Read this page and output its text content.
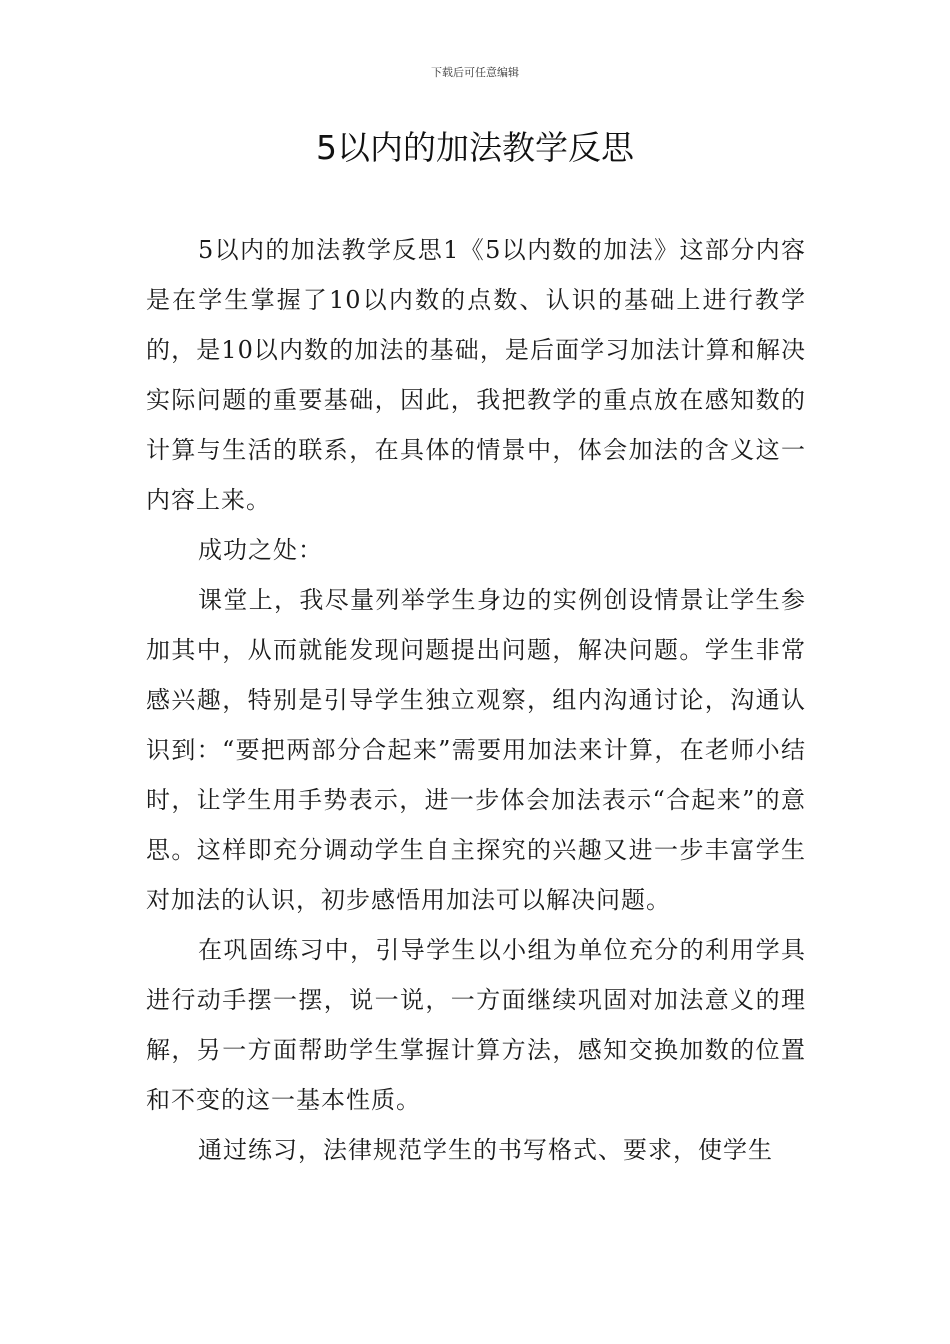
下载后可任意编辑
5以内的加法教学反思

5以内的加法教学反思1《5以内数的加法》这部分内容是在学生掌握了10以内数的点数、认识的基础上进行教学的，是10以内数的加法的基础，是后面学习加法计算和解决实际问题的重要基础，因此，我把教学的重点放在感知数的计算与生活的联系，在具体的情景中，体会加法的含义这一内容上来。

成功之处：

课堂上，我尽量列举学生身边的实例创设情景让学生参加其中，从而就能发现问题提出问题，解决问题。学生非常感兴趣，特别是引导学生独立观察，组内沟通讨论，沟通认识到：“要把两部分合起来”需要用加法来计算，在老师小结时，让学生用手势表示，进一步体会加法表示“合起来”的意思。这样即充分调动学生自主探究的兴趣又进一步丰富学生对加法的认识，初步感悟用加法可以解决问题。

在巩固练习中，引导学生以小组为单位充分的利用学具进行动手摆一摆，说一说，一方面继续巩固对加法意义的理解，另一方面帮助学生掌握计算方法，感知交换加数的位置和不变的这一基本性质。

通过练习，法律规范学生的书写格式、要求，使学生
